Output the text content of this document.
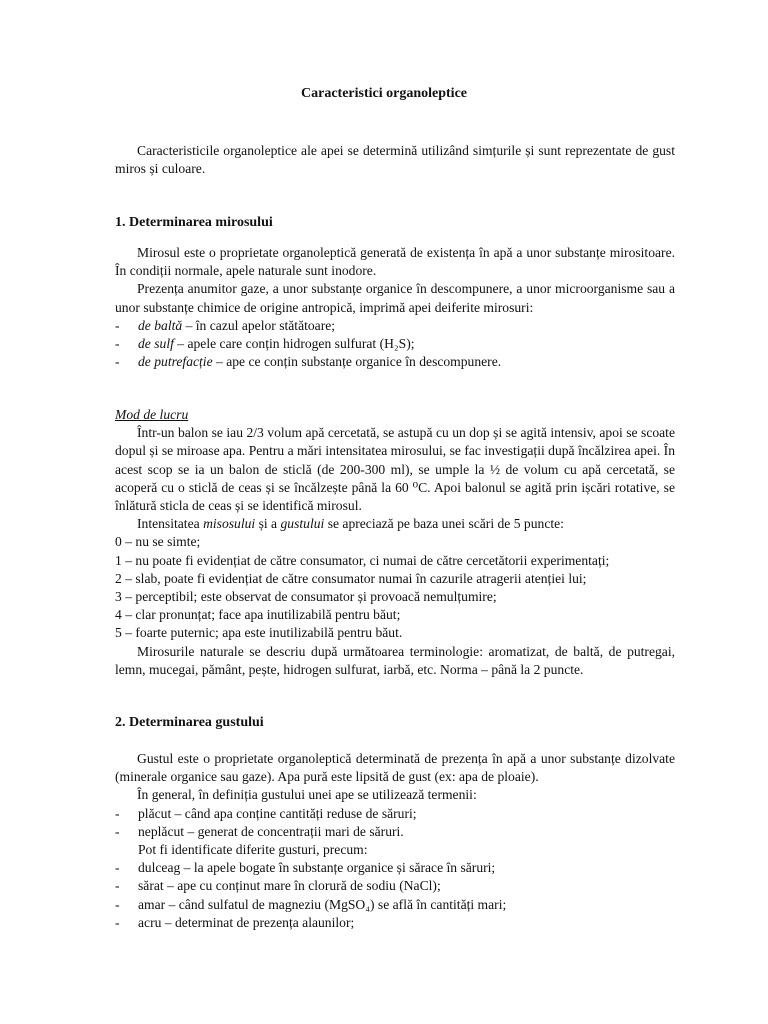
Caracteristici organoleptice

Caracteristicile organoleptice ale apei se determină utilizând simțurile și sunt reprezentate de gust miros și culoare.

1. Determinarea mirosului

Mirosul este o proprietate organoleptică generată de existența în apă a unor substanțe mirositoare. În condiții normale, apele naturale sunt inodore.

Prezența anumitor gaze, a unor substanțe organice în descompunere, a unor microorganisme sau a unor substanțe chimice de origine antropică, imprimă apei deiferite mirosuri:

-	de baltă – în cazul apelor stătătoare;
-	de sulf – apele care conțin hidrogen sulfurat (H₂S);
-	de putrefacție – ape ce conțin substanțe organice în descompunere.
Mod de lucru

Într-un balon se iau 2/3 volum apă cercetată, se astupă cu un dop și se agită intensiv, apoi se scoate dopul și se miroase apa. Pentru a mări intensitatea mirosului, se fac investigații după încălzirea apei. În acest scop se ia un balon de sticlă (de 200-300 ml), se umple la ½ de volum cu apă cercetată, se acoperă cu o sticlă de ceas și se încălzește până la 60 ⁰C. Apoi balonul se agită prin ișcări rotative, se înlătură sticla de ceas și se identifică mirosul.

Intensitatea misosului și a gustului se apreciază pe baza unei scări de 5 puncte:

0 – nu se simte;

1 – nu poate fi evidențiat de către consumator, ci numai de către cercetătorii experimentați;

2 – slab, poate fi evidențiat de către consumator numai în cazurile atragerii atenției lui;

3 – perceptibil; este observat de consumator și provoacă nemulțumire;

4 – clar pronunțat; face apa inutilizabilă pentru băut;

5 – foarte puternic; apa este inutilizabilă pentru băut.

Mirosurile naturale se descriu după următoarea terminologie: aromatizat, de baltă, de putregai, lemn, mucegai, pământ, pește, hidrogen sulfurat, iarbă, etc. Norma – până la 2 puncte.

2. Determinarea gustului

Gustul este o proprietate organoleptică determinată de prezența în apă a unor substanțe dizolvate (minerale organice sau gaze). Apa pură este lipsită de gust (ex: apa de ploaie).

În general, în definiția gustului unei ape se utilizează termenii:

-	plăcut – când apa conține cantități reduse de săruri;
-	neplăcut – generat de concentrații mari de săruri.

Pot fi identificate diferite gusturi, precum:

-	dulceag – la apele bogate în substanțe organice și sărace în săruri;
-	sărat – ape cu conținut mare în clorură de sodiu (NaCl);
-	amar – când sulfatul de magneziu (MgSO₄) se află în cantități mari;
-	acru – determinat de prezența alaunilor;
